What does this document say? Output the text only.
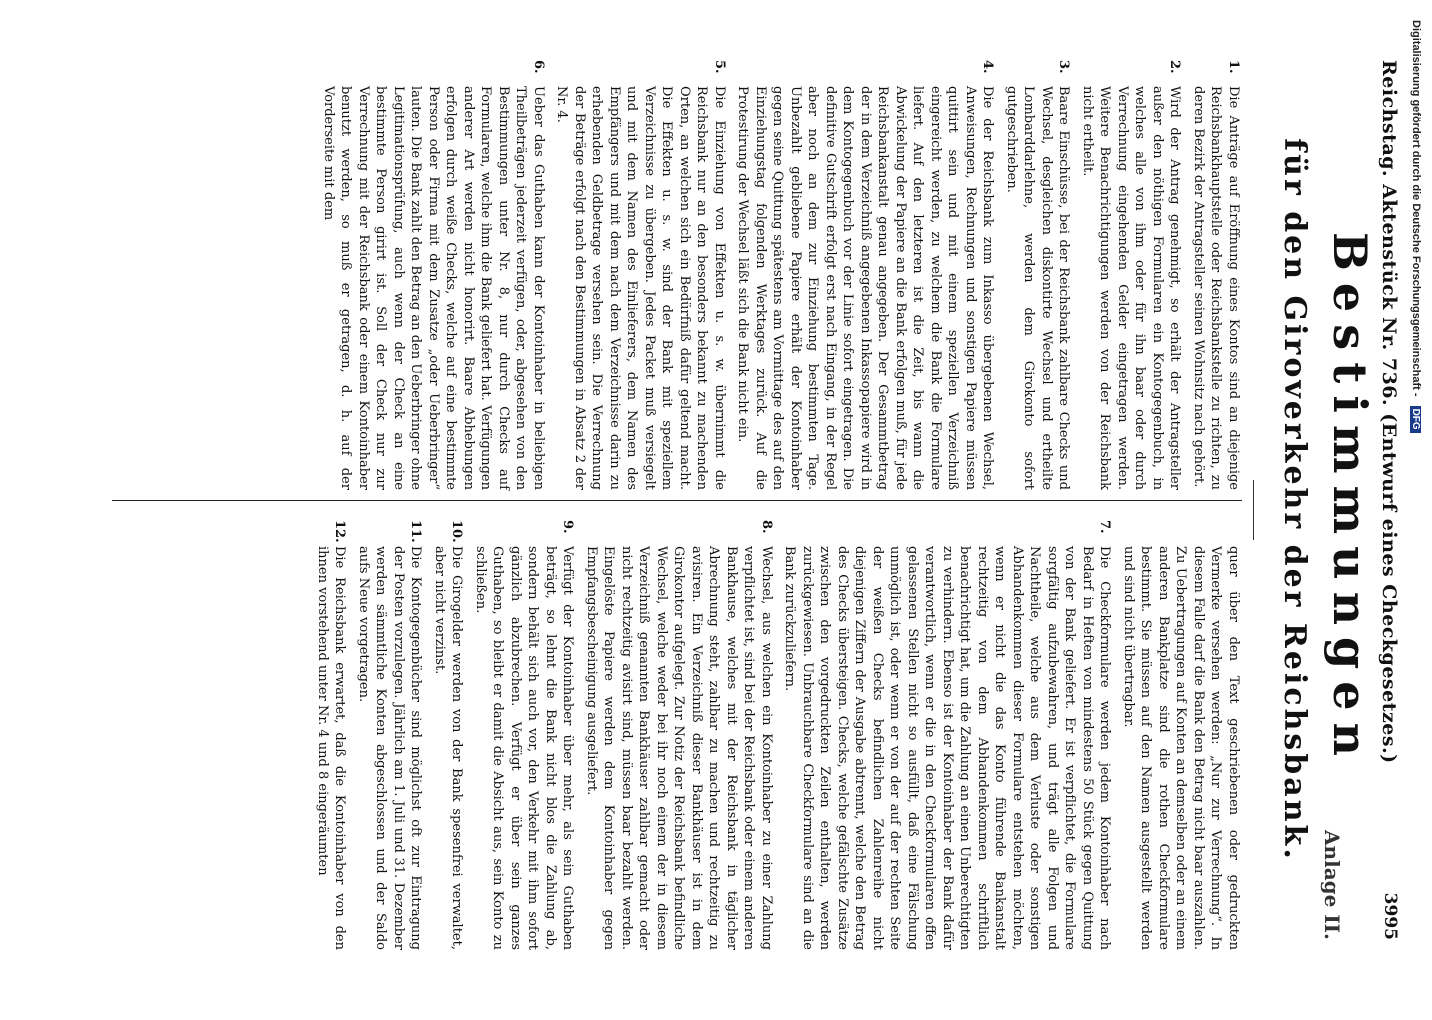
Reichstag. Aktenstück Nr. 736. (Entwurf eines Checkgesetzes.)
3995
Anlage II.
Bestimmungen
für den Giroverkehr der Reichsbank.
1.

Die Anträge auf Eröffnung eines Kontos sind an diejenige Reichsbankhauptstelle oder Reichsbankstelle zu richten, zu deren Bezirk der Antragsteller seinen Wohnsitz nach gehört.

2.

Wird der Antrag genehmigt, so erhält der Antragsteller außer den nöthigen Formularen ein Kontogegenbuch, in welches alle von ihm oder für ihn baar oder durch Verrechnung eingehenden Gelder eingetragen werden. Weitere Benachrichtigungen werden von der Reichsbank nicht ertheilt.

3.

Baare Einschüsse, bei der Reichsbank zahlbare Checks und Wechsel, desgleichen diskontirte Wechsel und ertheilte Lombarddarlehne, werden dem Girokonto sofort gutgeschrieben.

4.

Die der Reichsbank zum Inkasso übergebenen Wechsel, Anweisungen, Rechnungen und sonstigen Papiere müssen quittirt sein und mit einem speziellen Verzeichniß eingereicht werden, zu welchem die Bank die Formulare liefert. Auf den letzteren ist die Zeit, bis wann die Abwickelung der Papiere an die Bank erfolgen muß, für jede Reichsbankanstalt genau angegeben. Der Gesammtbetrag der in dem Verzeichniß angegebenen Inkassopapiere wird in dem Kontogegenbuch vor der Linie sofort eingetragen. Die definitive Gutschrift erfolgt erst nach Eingang, in der Regel aber noch an dem zur Einziehung bestimmten Tage. Unbezahlt gebliebene Papiere erhält der Kontoinhaber gegen seine Quittung spätestens am Vormittage des auf den Einziehungstag folgenden Werktages zurück. Auf die Protestirung der Wechsel läßt sich die Bank nicht ein.

5.

Die Einziehung von Effekten u. s. w. übernimmt die Reichsbank nur an den besonders bekannt zu machenden Orten, an welchen sich ein Bedürfniß dafür geltend macht. Die Effekten u. s. w. sind der Bank mit speziellem Verzeichnisse zu übergeben. Jedes Packet muß versiegelt und mit dem Namen des Einlieferers, dem Namen des Empfängers und mit dem nach dem Verzeichnisse darin zu erhebenden Geldbetrage versehen sein. Die Verrechnung der Beträge erfolgt nach den Bestimmungen in Absatz 2 der Nr. 4.

6.

Ueber das Guthaben kann der Kontoinhaber in beliebigen Theilbeträgen jederzeit verfügen, oder, abgesehen von den Bestimmungen unter Nr. 8, nur durch Checks auf Formularen, welche ihm die Bank geliefert hat. Verfügungen anderer Art werden nicht honorirt. Baare Abhebungen erfolgen durch weiße Checks, welche auf eine bestimmte Person oder Firma mit dem Zusatze „oder Ueberbringer“ lauten. Die Bank zahlt den Betrag an den Ueberbringer ohne Legitimationsprüfung, auch wenn der Check an eine bestimmte Person girirt ist. Soll der Check nur zur Verrechnung mit der Reichsbank oder einem Kontoinhaber benutzt werden, so muß er getragen, d. h. auf der Vorderseite mit dem

quer über den Text geschriebenen oder gedruckten Vermerke versehen werden: „Nur zur Verrechnung“. In diesem Falle darf die Bank den Betrag nicht baar auszahlen. Zu Uebertragungen auf Konten an demselben oder an einem anderen Bankplatze sind die rothen Checkformulare bestimmt. Sie müssen auf den Namen ausgestellt werden und sind nicht übertragbar.

7.

Die Checkformulare werden jedem Kontoinhaber nach Bedarf in Heften von mindestens 50 Stück gegen Quittung von der Bank geliefert. Er ist verpflichtet, die Formulare sorgfältig aufzubewahren, und trägt alle Folgen und Nachtheile, welche aus dem Verluste oder sonstigen Abhandenkommen dieser Formulare entstehen möchten, wenn er nicht die das Konto führende Bankanstalt rechtzeitig von dem Abhandenkommen schriftlich benachrichtigt hat, um die Zahlung an einen Unberechtigten zu verhindern. Ebenso ist der Kontoinhaber der Bank dafür verantwortlich, wenn er die in den Checkformularen offen gelassenen Stellen nicht so ausfüllt, daß eine Fälschung unmöglich ist, oder wenn er von der auf der rechten Seite der weißen Checks befindlichen Zahlenreihe nicht diejenigen Ziffern der Ausgabe abtrennt, welche den Betrag des Checks übersteigen. Checks, welche gefälschte Zusätze zwischen den vorgedruckten Zeilen enthalten, werden zurückgewiesen. Unbrauchbare Checkformulare sind an die Bank zurückzuliefern.

8.

Wechsel, aus welchen ein Kontoinhaber zu einer Zahlung verpflichtet ist, sind bei der Reichsbank oder einem anderen Bankhause, welches mit der Reichsbank in täglicher Abrechnung steht, zahlbar zu machen und rechtzeitig zu avisiren. Ein Verzeichniß dieser Bankhäuser ist in dem Girokontor aufgelegt. Zur Notiz der Reichsbank befindliche Wechsel, welche weder bei ihr noch einem der in diesem Verzeichniß genannten Bankhäuser zahlbar gemacht oder nicht rechtzeitig avisirt sind, müssen baar bezahlt werden. Eingelöste Papiere werden dem Kontoinhaber gegen Empfangsbescheinigung ausgeliefert.

9.

Verfügt der Kontoinhaber über mehr, als sein Guthaben beträgt, so lehnt die Bank nicht blos die Zahlung ab, sondern behält sich auch vor, den Verkehr mit ihm sofort gänzlich abzubrechen. Verfügt er über sein ganzes Guthaben, so bleibt er damit die Absicht aus, sein Konto zu schließen.

10.

Die Girogelder werden von der Bank spesenfrei verwaltet, aber nicht verzinst.

11.

Die Kontogegenbücher sind möglichst oft zur Eintragung der Posten vorzulegen. Jährlich am 1. Juli und 31. Dezember werden sämmtliche Konten abgeschlossen und der Saldo aufs Neue vorgetragen.

12.

Die Reichsbank erwartet, daß die Kontoinhaber von den ihnen vorstehend unter Nr. 4 und 8 eingeräumten

Digitalisierung gefördert durch die Deutsche Forschungsgemeinschaft - DFG
